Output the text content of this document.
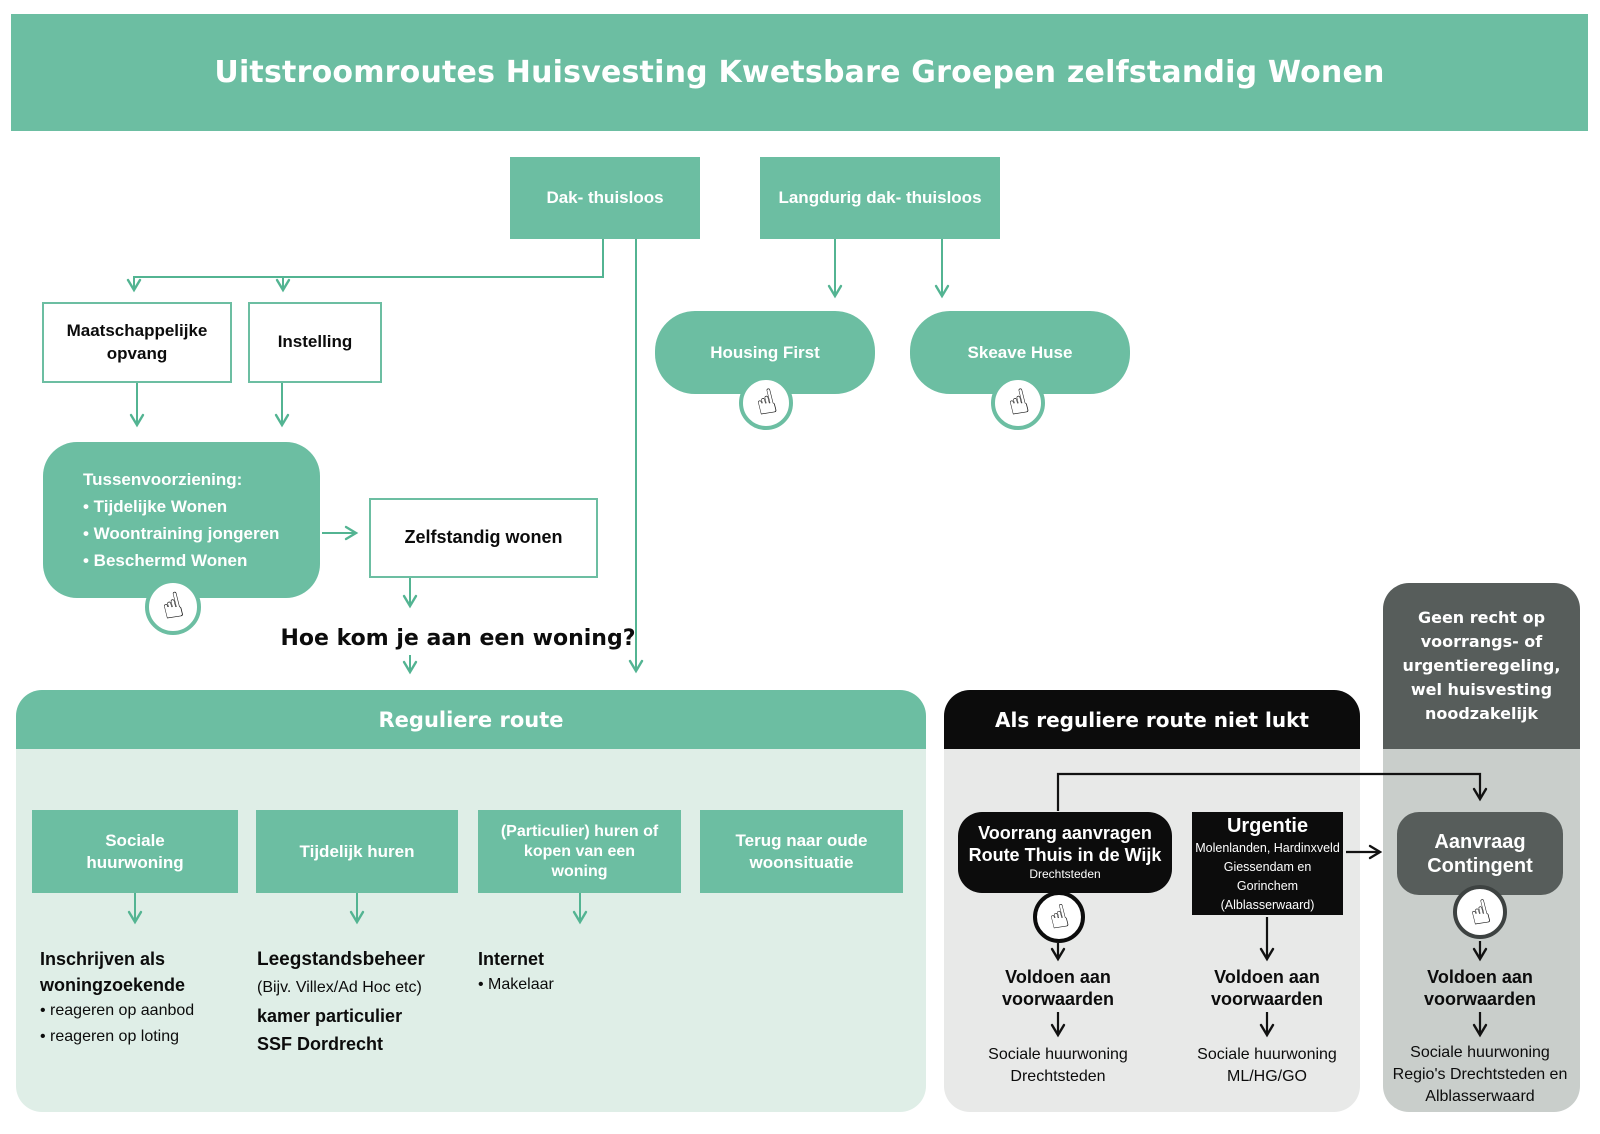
Uitstroomroutes Huisvesting Kwetsbare Groepen zelfstandig Wonen
Dak- thuisloos	Langdurig dak- thuisloos
Maatschappelijke opvang
Instelling
Housing First
☝
Skeave Huse
☝
Tussenvoorziening:
• Tijdelijke Wonen
• Woontraining jongeren
• Beschermd Wonen
☝
Zelfstandig wonen
Hoe kom je aan een woning?
Reguliere route
Sociale huurwoning
Tijdelijk huren
(Particulier) huren of kopen van een woning
Terug naar oude woonsituatie
Inschrijven als woningzoekende
• reageren op aanbod
• reageren op loting
Leegstandsbeheer
(Bijv. Villex/Ad Hoc etc)
kamer particulier
SSF Dordrecht
Internet
• Makelaar
Als reguliere route niet lukt
Voorrang aanvragen
Route Thuis in de Wijk
Drechtsteden
☝
Urgentie
Molenlanden, Hardinxveld
Giessendam en Gorinchem
(Alblasserwaard)
Voldoen aan voorwaarden
Sociale huurwoning Drechtsteden
Voldoen aan voorwaarden
Sociale huurwoning ML/HG/GO
Geen recht op voorrangs- of urgentieregeling, wel huisvesting noodzakelijk
Aanvraag
Contingent
☝
Voldoen aan voorwaarden
Sociale huurwoning Regio's Drechtsteden en Alblasserwaard
